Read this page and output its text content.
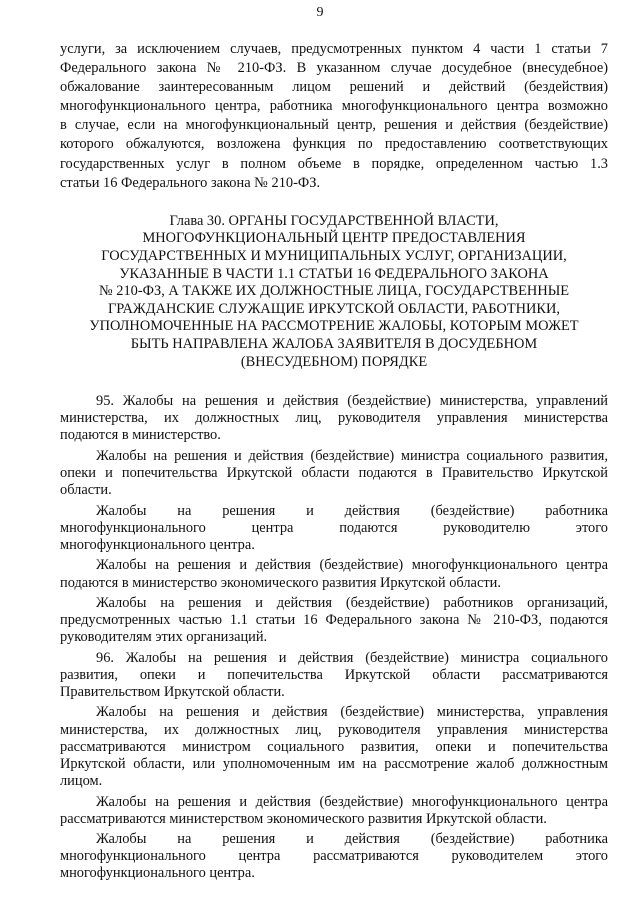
9
услуги, за исключением случаев, предусмотренных пунктом 4 части 1 статьи 7
Федерального закона № 210-ФЗ. В указанном случае досудебное (внесудебное)
обжалование заинтересованным лицом решений и действий (бездействия)
многофункционального центра, работника многофункционального центра возможно
в случае, если на многофункциональный центр, решения и действия (бездействие)
которого обжалуются, возложена функция по предоставлению соответствующих
государственных услуг в полном объеме в порядке, определенном частью 1.3
статьи 16 Федерального закона № 210-ФЗ.
Глава 30. ОРГАНЫ ГОСУДАРСТВЕННОЙ ВЛАСТИ,
МНОГОФУНКЦИОНАЛЬНЫЙ ЦЕНТР ПРЕДОСТАВЛЕНИЯ
ГОСУДАРСТВЕННЫХ И МУНИЦИПАЛЬНЫХ УСЛУГ, ОРГАНИЗАЦИИ,
УКАЗАННЫЕ В ЧАСТИ 1.1 СТАТЬИ 16 ФЕДЕРАЛЬНОГО ЗАКОНА
№ 210-ФЗ, А ТАКЖЕ ИХ ДОЛЖНОСТНЫЕ ЛИЦА, ГОСУДАРСТВЕННЫЕ
ГРАЖДАНСКИЕ СЛУЖАЩИЕ ИРКУТСКОЙ ОБЛАСТИ, РАБОТНИКИ,
УПОЛНОМОЧЕННЫЕ НА РАССМОТРЕНИЕ ЖАЛОБЫ, КОТОРЫМ МОЖЕТ
БЫТЬ НАПРАВЛЕНА ЖАЛОБА ЗАЯВИТЕЛЯ В ДОСУДЕБНОМ
(ВНЕСУДЕБНОМ) ПОРЯДКЕ
95. Жалобы на решения и действия (бездействие) министерства, управлений
министерства, их должностных лиц, руководителя управления министерства
подаются в министерство.
Жалобы на решения и действия (бездействие) министра социального развития,
опеки и попечительства Иркутской области подаются в Правительство Иркутской
области.
Жалобы на решения и действия (бездействие) работника
многофункционального центра подаются руководителю этого
многофункционального центра.
Жалобы на решения и действия (бездействие) многофункционального центра
подаются в министерство экономического развития Иркутской области.
Жалобы на решения и действия (бездействие) работников организаций,
предусмотренных частью 1.1 статьи 16 Федерального закона № 210-ФЗ, подаются
руководителям этих организаций.
96. Жалобы на решения и действия (бездействие) министра социального
развития, опеки и попечительства Иркутской области рассматриваются
Правительством Иркутской области.
Жалобы на решения и действия (бездействие) министерства, управления
министерства, их должностных лиц, руководителя управления министерства
рассматриваются министром социального развития, опеки и попечительства
Иркутской области, или уполномоченным им на рассмотрение жалоб должностным
лицом.
Жалобы на решения и действия (бездействие) многофункционального центра
рассматриваются министерством экономического развития Иркутской области.
Жалобы на решения и действия (бездействие) работника
многофункционального центра рассматриваются руководителем этого
многофункционального центра.
